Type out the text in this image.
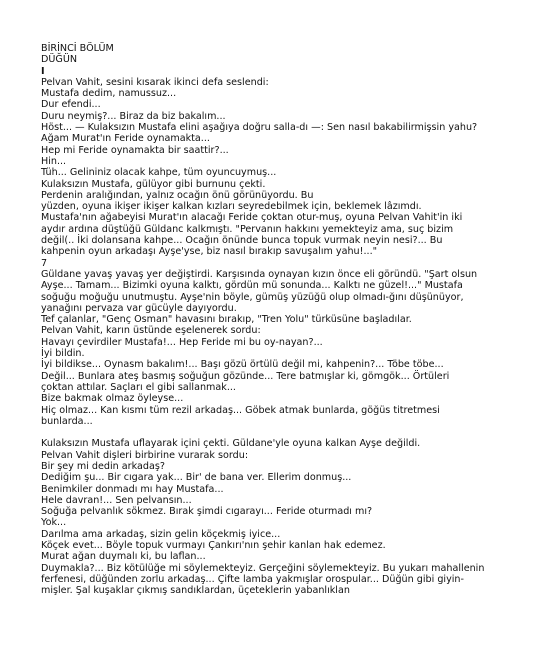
BİRİNCİ BÖLÜM
DÜĞÜN
I
Pelvan Vahit, sesini kısarak ikinci defa seslendi:
Mustafa dedim, namussuz...
Dur efendi...
Duru neymiş?... Biraz da biz bakalım...
Höst... — Kulaksızın Mustafa elini aşağıya doğru salla-dı —: Sen nasıl bakabilirmişsin yahu?
Ağam Murat'ın Feride oynamakta...
Hep mi Feride oynamakta bir saattir?...
Hin...
Tüh... Gelininiz olacak kahpe, tüm oyuncuymuş...
Kulaksızın Mustafa, gülüyor gibi burnunu çekti.
Perdenin aralığından, yalnız ocağın önü görünüyordu. Bu
yüzden, oyuna ikişer ikişer kalkan kızları seyredebilmek için, beklemek lâzımdı.
Mustafa'nın ağabeyisi Murat'ın alacağı Feride çoktan otur-muş, oyuna Pelvan Vahit'in iki
aydır ardına düştüğü Güldanc kalkmıştı. "Pervanın hakkını yemekteyiz ama, suç bizim
değil(.. İki dolansana kahpe... Ocağın önünde bunca topuk vurmak neyin nesi?... Bu
kahpenin oyun arkadaşı Ayşe'yse, biz nasıl bırakıp savuşalım yahu!..."
7
Güldane yavaş yavaş yer değiştirdi. Karşısında oynayan kızın önce eli göründü. "Şart olsun
Ayşe... Tamam... Bizimki oyuna kalktı, gördün mü sonunda... Kalktı ne güzel!..." Mustafa
soğuğu moğuğu unutmuştu. Ayşe'nin böyle, gümüş yüzüğü olup olmadı-ğını düşünüyor,
yanağını pervaza var gücüyle dayıyordu.
Tef çalanlar, "Genç Osman" havasını bırakıp, "Tren Yolu" türküsüne başladılar.
Pelvan Vahit, karın üstünde eşelenerek sordu:
Havayı çevirdiler Mustafa!... Hep Feride mi bu oy-nayan?...
İyi bildin.
İyi bildikse... Oynasm bakalım!... Başı gözü örtülü değil mi, kahpenin?... Töbe töbe...
Değil... Bunlara ateş basmış soğuğun gözünde... Tere batmışlar ki, gömgök... Örtüleri
çoktan attılar. Saçları el gibi sallanmak...
Bize bakmak olmaz öyleyse...
Hiç olmaz... Kan kısmı tüm rezil arkadaş... Göbek atmak bunlarda, göğüs titretmesi
bunlarda...
Kulaksızın Mustafa uflayarak içini çekti. Güldane'yle oyuna kalkan Ayşe değildi.
Pelvan Vahit dişleri birbirine vurarak sordu:
Bir şey mi dedin arkadaş?
Dediğim şu... Bir cıgara yak... Bir' de bana ver. Ellerim donmuş...
Benimkiler donmadı mı hay Mustafa...
Hele davran!... Sen pelvansın...
Soğuğa pelvanlık sökmez. Bırak şimdi cıgarayı... Feride oturmadı mı?
Yok...
Darılma ama arkadaş, sizin gelin köçekmiş iyice...
Köçek evet... Böyle topuk vurmayı Çankırı'nın şehir kanlan hak edemez.
Murat ağan duymalı ki, bu laflan...
Duymakla?... Biz kötülüğe mi söylemekteyiz. Gerçeğini söylemekteyiz. Bu yukarı mahallenin
ferfenesi, düğünden zorlu arkadaş... Çifte lamba yakmışlar orospular... Düğün gibi giyin-
mişler. Şal kuşaklar çıkmış sandıklardan, üçeteklerin yabanlıklan
